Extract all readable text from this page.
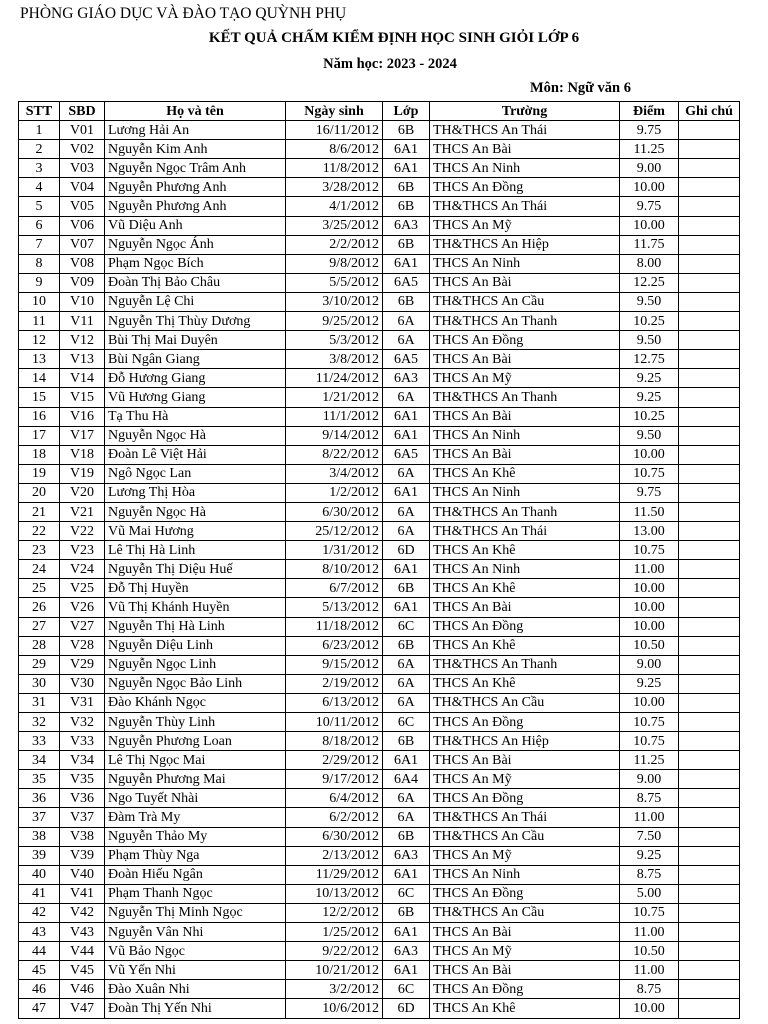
PHÒNG GIÁO DỤC VÀ ĐÀO TẠO QUỲNH PHỤ
KẾT QUẢ CHẤM KIỂM ĐỊNH HỌC SINH GIỎI LỚP 6
Năm học: 2023 - 2024
Môn: Ngữ văn 6
STT	SBD	Họ và tên	Ngày sinh	Lớp	Trường	Điểm	Ghi chú
1	V01	Lương Hải An	16/11/2012	6B	TH&THCS An Thái	9.75	
2	V02	Nguyễn Kim Anh	8/6/2012	6A1	THCS An Bài	11.25	
3	V03	Nguyễn Ngọc Trâm Anh	11/8/2012	6A1	THCS An Ninh	9.00	
4	V04	Nguyễn Phương Anh	3/28/2012	6B	THCS An Đồng	10.00	
5	V05	Nguyễn Phương Anh	4/1/2012	6B	TH&THCS An Thái	9.75	
6	V06	Vũ Diệu Anh	3/25/2012	6A3	THCS An Mỹ	10.00	
7	V07	Nguyễn Ngọc Ánh	2/2/2012	6B	TH&THCS An Hiệp	11.75	
8	V08	Phạm Ngọc Bích	9/8/2012	6A1	THCS An Ninh	8.00	
9	V09	Đoàn Thị Bảo Châu	5/5/2012	6A5	THCS An Bài	12.25	
10	V10	Nguyễn Lệ Chi	3/10/2012	6B	TH&THCS An Cầu	9.50	
11	V11	Nguyễn Thị Thùy Dương	9/25/2012	6A	TH&THCS An Thanh	10.25	
12	V12	Bùi Thị Mai Duyên	5/3/2012	6A	THCS An Đồng	9.50	
13	V13	Bùi Ngân Giang	3/8/2012	6A5	THCS An Bài	12.75	
14	V14	Đỗ Hương Giang	11/24/2012	6A3	THCS An Mỹ	9.25	
15	V15	Vũ Hương Giang	1/21/2012	6A	TH&THCS An Thanh	9.25	
16	V16	Tạ Thu Hà	11/1/2012	6A1	THCS An Bài	10.25	
17	V17	Nguyễn Ngọc Hà	9/14/2012	6A1	THCS An Ninh	9.50	
18	V18	Đoàn Lê Việt Hải	8/22/2012	6A5	THCS An Bài	10.00	
19	V19	Ngô Ngọc Lan	3/4/2012	6A	THCS An Khê	10.75	
20	V20	Lương Thị Hòa	1/2/2012	6A1	THCS An Ninh	9.75	
21	V21	Nguyễn Ngọc Hà	6/30/2012	6A	TH&THCS An Thanh	11.50	
22	V22	Vũ Mai Hương	25/12/2012	6A	TH&THCS An Thái	13.00	
23	V23	Lê Thị Hà Linh	1/31/2012	6D	THCS An Khê	10.75	
24	V24	Nguyễn Thị Diệu Huế	8/10/2012	6A1	THCS An Ninh	11.00	
25	V25	Đỗ Thị Huyền	6/7/2012	6B	THCS An Khê	10.00	
26	V26	Vũ Thị Khánh Huyền	5/13/2012	6A1	THCS An Bài	10.00	
27	V27	Nguyễn Thị Hà Linh	11/18/2012	6C	THCS An Đồng	10.00	
28	V28	Nguyễn Diệu Linh	6/23/2012	6B	THCS An Khê	10.50	
29	V29	Nguyễn Ngọc Linh	9/15/2012	6A	TH&THCS An Thanh	9.00	
30	V30	Nguyễn Ngọc Bảo Linh	2/19/2012	6A	THCS An Khê	9.25	
31	V31	Đào Khánh Ngọc	6/13/2012	6A	TH&THCS An Cầu	10.00	
32	V32	Nguyễn Thùy Linh	10/11/2012	6C	THCS An Đồng	10.75	
33	V33	Nguyễn Phương Loan	8/18/2012	6B	TH&THCS An Hiệp	10.75	
34	V34	Lê Thị Ngọc Mai	2/29/2012	6A1	THCS An Bài	11.25	
35	V35	Nguyễn Phương Mai	9/17/2012	6A4	THCS An Mỹ	9.00	
36	V36	Ngo Tuyết Nhài	6/4/2012	6A	THCS An Đồng	8.75	
37	V37	Đàm Trà My	6/2/2012	6A	TH&THCS An Thái	11.00	
38	V38	Nguyễn Thảo My	6/30/2012	6B	TH&THCS An Cầu	7.50	
39	V39	Phạm Thùy Nga	2/13/2012	6A3	THCS An Mỹ	9.25	
40	V40	Đoàn Hiếu Ngân	11/29/2012	6A1	THCS An Ninh	8.75	
41	V41	Phạm Thanh Ngọc	10/13/2012	6C	THCS An Đồng	5.00	
42	V42	Nguyễn Thị Minh Ngọc	12/2/2012	6B	TH&THCS An Cầu	10.75	
43	V43	Nguyễn Vân Nhi	1/25/2012	6A1	THCS An Bài	11.00	
44	V44	Vũ Bảo Ngọc	9/22/2012	6A3	THCS An Mỹ	10.50	
45	V45	Vũ Yến Nhi	10/21/2012	6A1	THCS An Bài	11.00	
46	V46	Đào Xuân Nhi	3/2/2012	6C	THCS An Đồng	8.75	
47	V47	Đoàn Thị Yến Nhi	10/6/2012	6D	THCS An Khê	10.00	
